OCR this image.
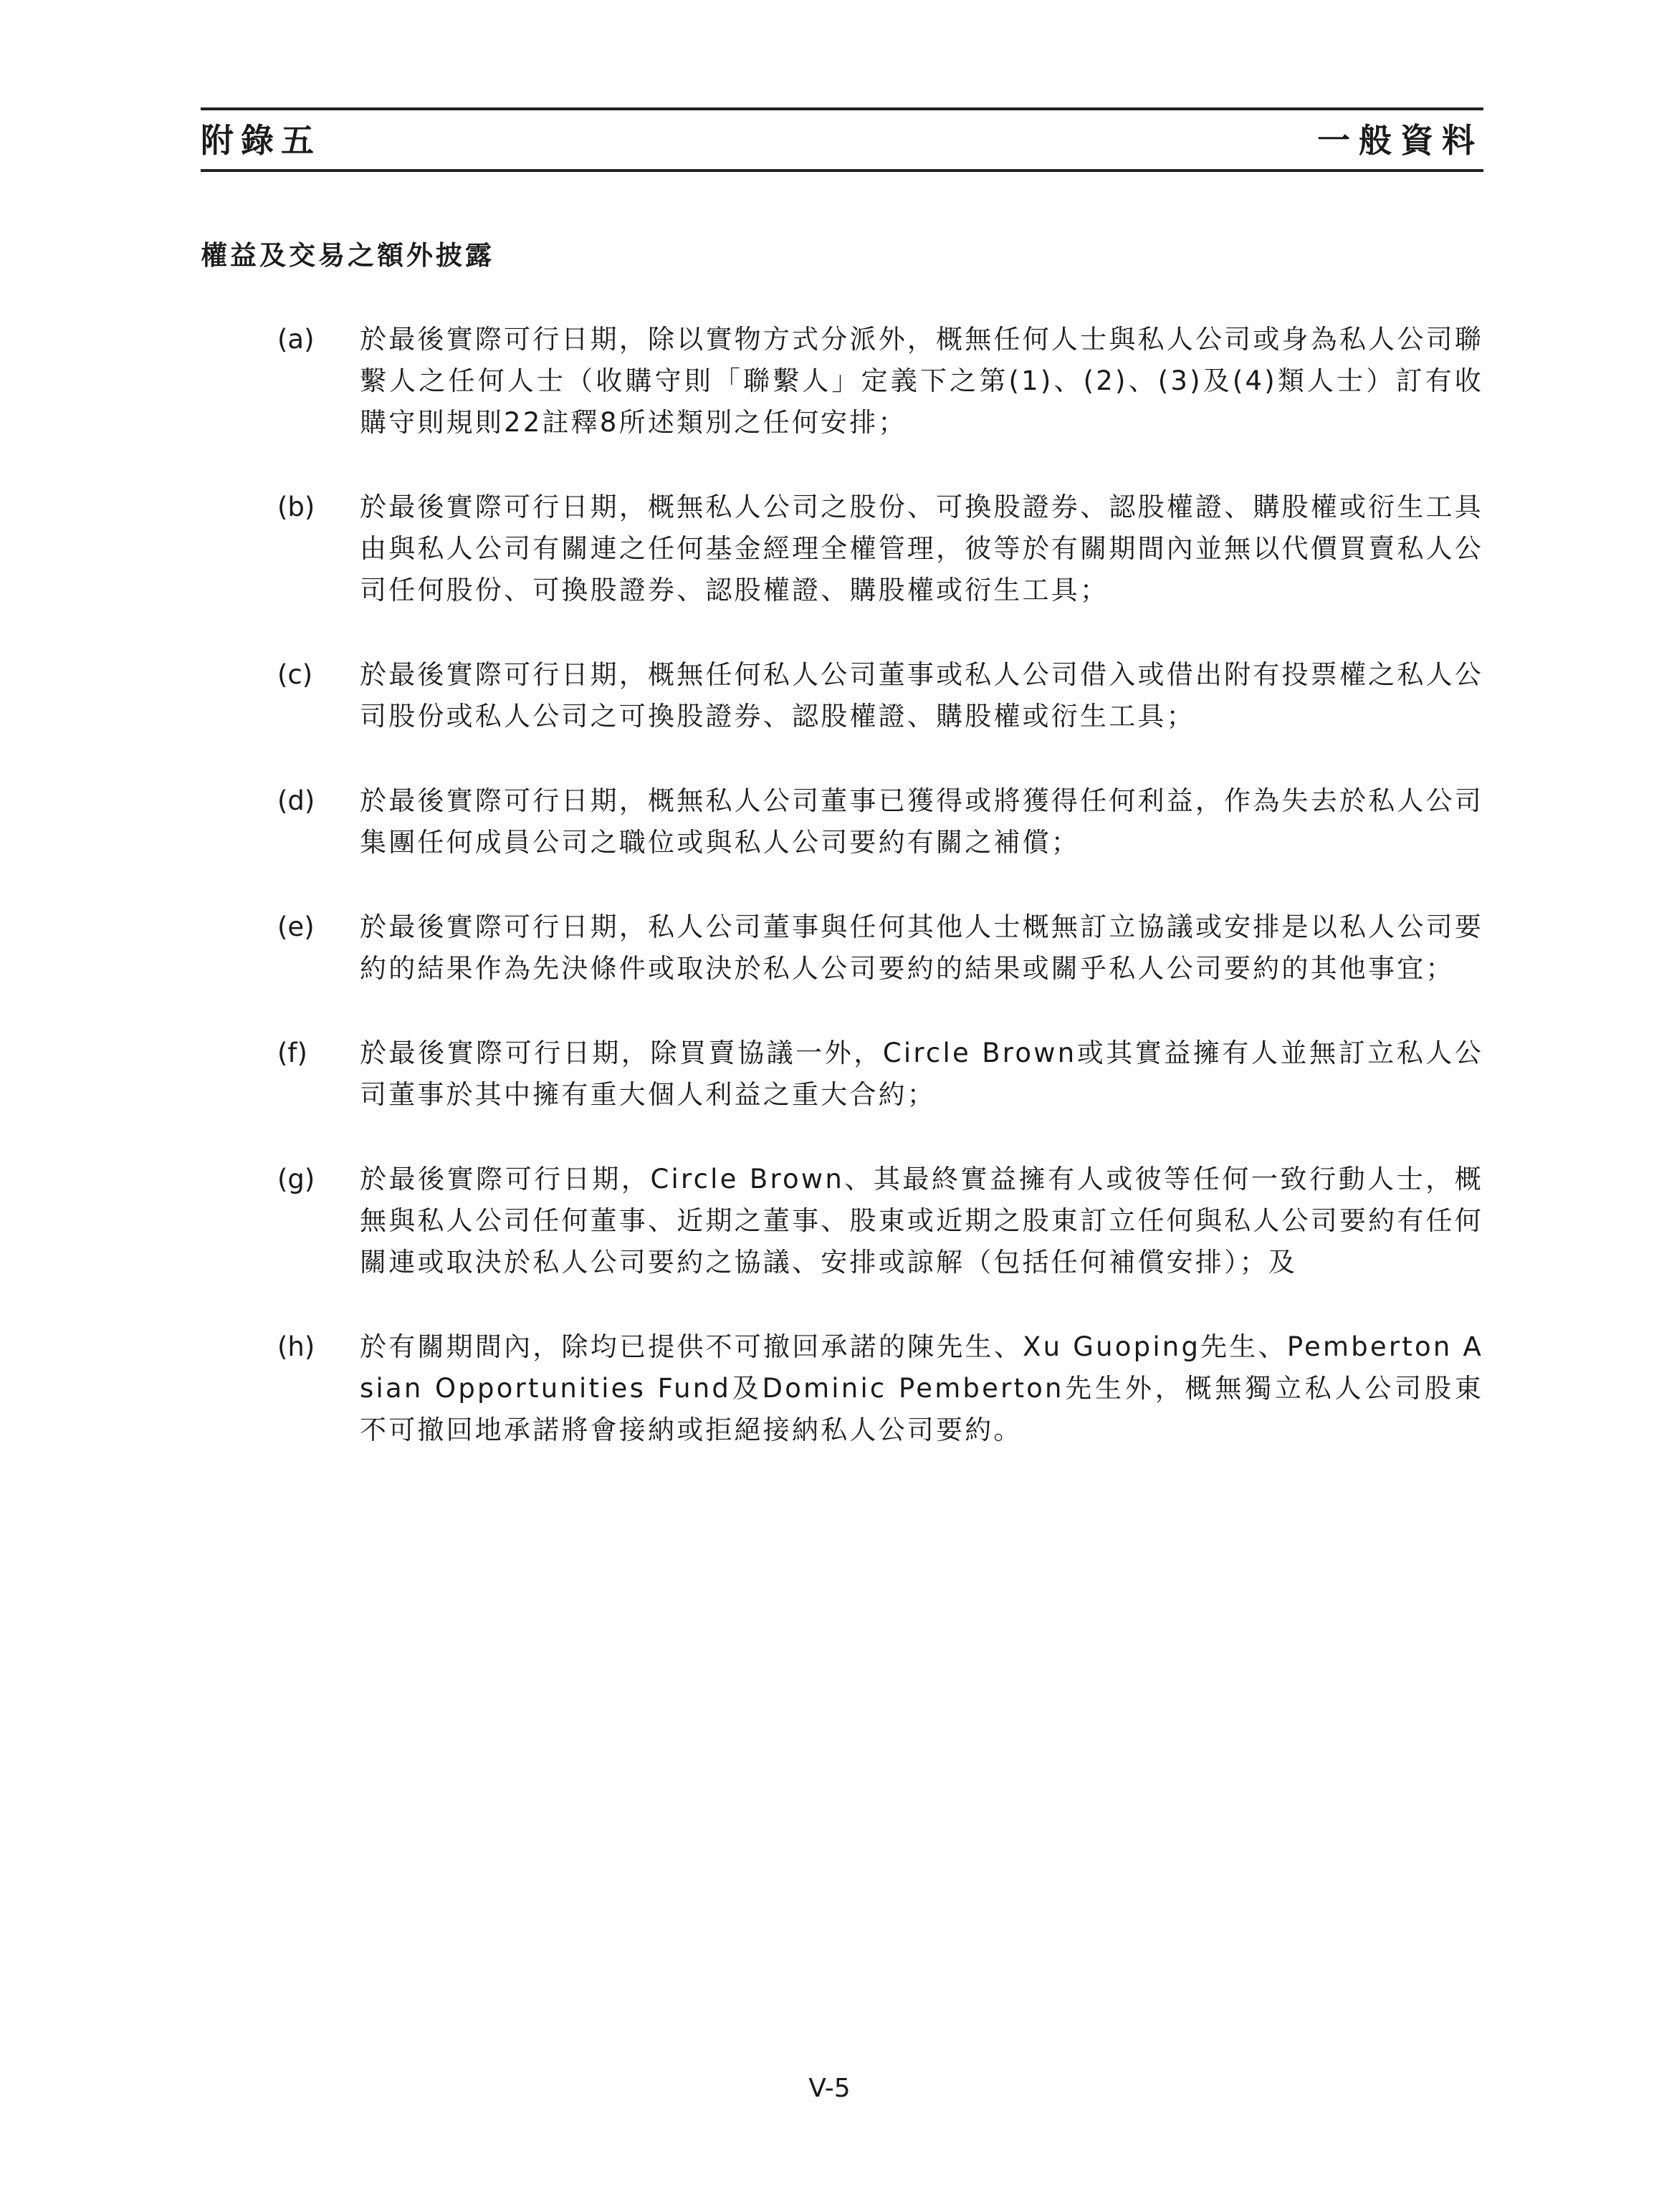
附錄五	一般資料
權益及交易之額外披露
(a)	於最後實際可行日期，除以實物方式分派外，概無任何人士與私人公司或身為私人公司聯繫人之任何人士（收購守則「聯繫人」定義下之第(1)、(2)、(3)及(4)類人士）訂有收購守則規則22註釋8所述類別之任何安排；
(b)	於最後實際可行日期，概無私人公司之股份、可換股證券、認股權證、購股權或衍生工具由與私人公司有關連之任何基金經理全權管理，彼等於有關期間內並無以代價買賣私人公司任何股份、可換股證券、認股權證、購股權或衍生工具；
(c)	於最後實際可行日期，概無任何私人公司董事或私人公司借入或借出附有投票權之私人公司股份或私人公司之可換股證券、認股權證、購股權或衍生工具；
(d)	於最後實際可行日期，概無私人公司董事已獲得或將獲得任何利益，作為失去於私人公司集團任何成員公司之職位或與私人公司要約有關之補償；
(e)	於最後實際可行日期，私人公司董事與任何其他人士概無訂立協議或安排是以私人公司要約的結果作為先決條件或取決於私人公司要約的結果或關乎私人公司要約的其他事宜；
(f)	於最後實際可行日期，除買賣協議一外，Circle Brown或其實益擁有人並無訂立私人公司董事於其中擁有重大個人利益之重大合約；
(g)	於最後實際可行日期，Circle Brown、其最終實益擁有人或彼等任何一致行動人士，概無與私人公司任何董事、近期之董事、股東或近期之股東訂立任何與私人公司要約有任何關連或取決於私人公司要約之協議、安排或諒解（包括任何補償安排）；及
(h)	於有關期間內，除均已提供不可撤回承諾的陳先生、Xu Guoping先生、Pemberton Asian Opportunities Fund及Dominic Pemberton先生外，概無獨立私人公司股東不可撤回地承諾將會接納或拒絕接納私人公司要約。
V-5
